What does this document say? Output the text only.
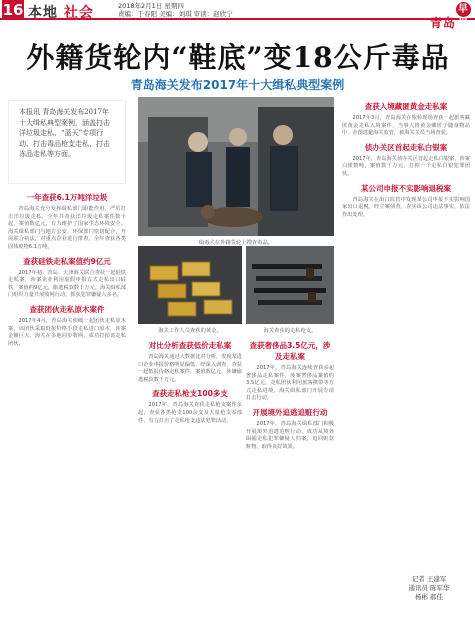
16 本地 社会	2018年2月1日 星期四
责编：于春阳 美编：刘琪 审读：赵欣宁
青岛早报
外籍货轮内“鞋底”变18公斤毒品
青岛海关发布2017年十大缉私典型案例
本报讯 青岛海关发布2017年十大缉私典型案例，涵盖打击洋垃圾走私、“蓝天”专项行动、打击毒品枪支走私、打击冻品走私等方面。
缉毒犬在外籍货轮上搜查毒品。
海关工作人员查获的黄金。	海关查获的走私枪支。
一年查获6.1万吨洋垃圾

青岛海关充分发挥缉私部门职能作用，严厉打击洋垃圾走私，全年共查获洋垃圾走私案件数十起，案值数亿元，有力维护了国家生态环境安全。海关缉私部门与地方公安、环保部门密切配合，开展联合执法，对重点企业进行排查，全年查获各类固体废物6.1万吨。

查获硅铁走私案值约9亿元

2017年初，青岛、天津海关联合查获一起硅铁走私案，涉案企业利用虚假申报方式走私出口硅铁，案值约9亿元，偷逃税款数千万元。海关缉私部门组织力量开展收网行动，抓获犯罪嫌疑人多名。

查获团伙走私原木案件

2017年4月，青岛海关侦破一起团伙走私原木案，该团伙采取低报价格手段走私进口原木，涉案金额巨大。海关在多地同步收网，成功打掉该走私团伙。	对比分析查获低价走私案

青岛海关通过大数据比对分析，发现某进口企业申报价格明显偏低，经深入调查，查获一起低报价格走私案件，案值数亿元，涉嫌偷逃税款数千万元。

查获走私枪支100多支

2017年，青岛海关查获走私枪支案件多起，查获各类枪支100余支及大量枪支零部件，有力打击了走私枪支违法犯罪活动。

查获奢侈品3.5亿元，涉及走私案

2017年，青岛海关连续查获多起奢侈品走私案件，涉案奢侈品案值约3.5亿元。走私团伙利用旅客携带等方式走私进境，海关缉私部门开展专项打击行动。

开展境外追逃追赃行动

2017年，青岛海关缉私部门积极开展境外追逃追赃行动，成功从境外缉捕走私犯罪嫌疑人归案，追回赃款赃物，取得良好效果。

查获入境藏匿黄金走私案

2017年3月，青岛海关在旅检现场查获一起旅客藏匿黄金走私入境案件，当事人将黄金藏匿于随身物品中，企图逃避海关监管，被海关关员当场查获。

侦办关区首起走私白银案

2017年，青岛海关侦办关区首起走私白银案，涉案白银数吨，案值数千万元，打掉一个走私白银犯罪团伙。

某公司申报不实影响退税案

青岛海关在出口监管中发现某公司申报不实影响国家出口退税，经立案侦查，查实该公司违法事实，依法作出处理。

记者 王建军
通讯员 陈军华
杨彬 郝佳
